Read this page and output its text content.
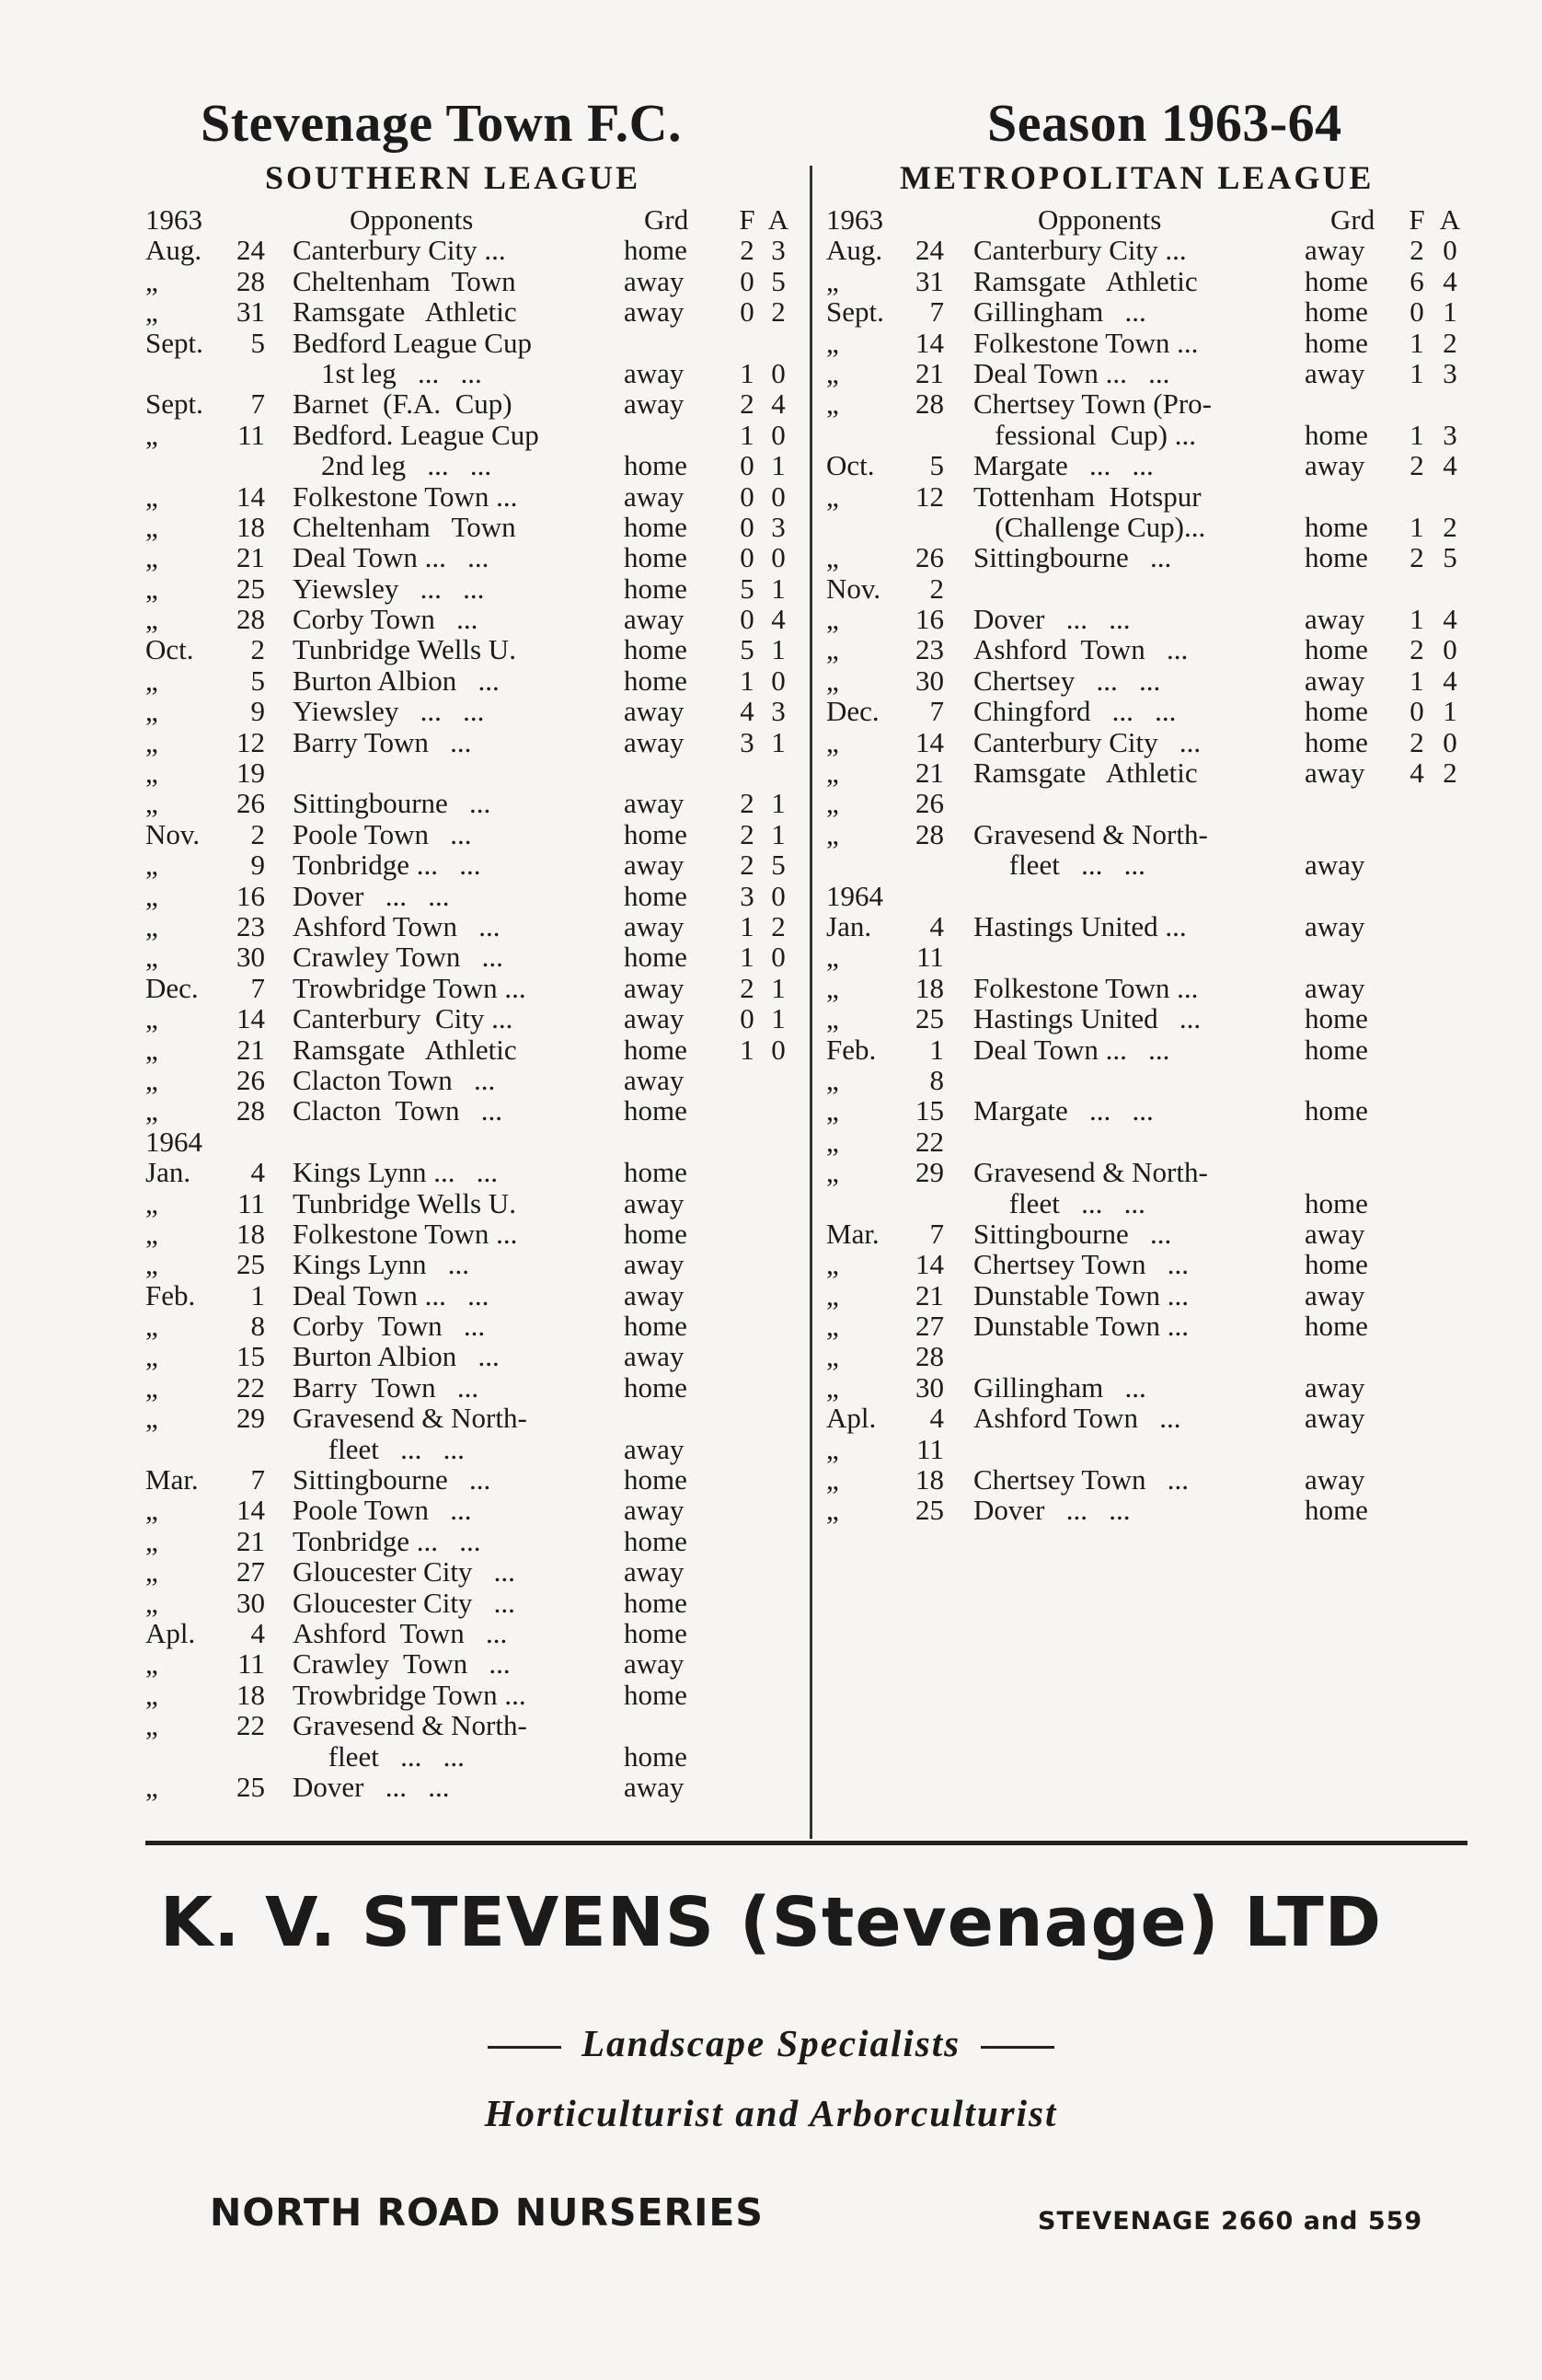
Stevenage Town F.C.	Season 1963-64
SOUTHERN LEAGUE	METROPOLITAN LEAGUE
1963	Opponents	Grd F A
Aug.	24 Canterbury City ...	home 2 3
„	28 Cheltenham   Town	away 0 5
„	31 Ramsgate   Athletic	away 0 2
Sept.	5 Bedford League Cup
1st leg   ...   ...	away 1 0
Sept.	7 Barnet  (F.A.  Cup)	away 2 4
„	11 Bedford. League Cup	1 0
2nd leg   ...   ...	home 0 1
„	14 Folkestone Town ...	away 0 0
„	18 Cheltenham   Town	home 0 3
„	21 Deal Town ...   ...	home 0 0
„	25 Yiewsley   ...   ...	home 5 1
„	28 Corby Town   ...	away 0 4
Oct.	2 Tunbridge Wells U.	home 5 1
„	5 Burton Albion   ...	home 1 0
„	9 Yiewsley   ...   ...	away 4 3
„	12 Barry Town   ...	away 3 1
„	19
„	26 Sittingbourne   ...	away 2 1
Nov.	2 Poole Town   ...	home 2 1
„	9 Tonbridge ...   ...	away 2 5
„	16 Dover   ...   ...	home 3 0
„	23 Ashford Town   ...	away 1 2
„	30 Crawley Town   ...	home 1 0
Dec.	7 Trowbridge Town ...	away 2 1
„	14 Canterbury  City ...	away 0 1
„	21 Ramsgate   Athletic	home 1 0
„	26 Clacton Town   ...	away
„	28 Clacton  Town   ...	home
1964
Jan.	4 Kings Lynn ...   ...	home
„	11 Tunbridge Wells U.	away
„	18 Folkestone Town ...	home
„	25 Kings Lynn   ...	away
Feb.	1 Deal Town ...   ...	away
„	8 Corby  Town   ...	home
„	15 Burton Albion   ...	away
„	22 Barry  Town   ...	home
„	29 Gravesend & North-
fleet   ...   ...	away
Mar.	7 Sittingbourne   ...	home
„	14 Poole Town   ...	away
„	21 Tonbridge ...   ...	home
„	27 Gloucester City   ...	away
„	30 Gloucester City   ...	home
Apl.	4 Ashford  Town   ...	home
„	11 Crawley  Town   ...	away
„	18 Trowbridge Town ...	home
„	22 Gravesend & North-
fleet   ...   ...	home
„	25 Dover   ...   ...	away
1963	Opponents	Grd F A
Aug.	24 Canterbury City ...	away 2 0
„	31 Ramsgate   Athletic	home 6 4
Sept.	7 Gillingham   ...	home 0 1
„	14 Folkestone Town ...	home 1 2
„	21 Deal Town ...   ...	away 1 3
„	28 Chertsey Town (Pro-
fessional  Cup) ...	home 1 3
Oct.	5 Margate   ...   ...	away 2 4
„	12 Tottenham  Hotspur
(Challenge Cup)...	home 1 2
„	26 Sittingbourne   ...	home 2 5
Nov.	2
„	16 Dover   ...   ...	away 1 4
„	23 Ashford  Town   ...	home 2 0
„	30 Chertsey   ...   ...	away 1 4
Dec.	7 Chingford   ...   ...	home 0 1
„	14 Canterbury City   ...	home 2 0
„	21 Ramsgate   Athletic	away 4 2
„	26
„	28 Gravesend & North-
fleet   ...   ...	away
1964
Jan.	4 Hastings United ...	away
„	11
„	18 Folkestone Town ...	away
„	25 Hastings United   ...	home
Feb.	1 Deal Town ...   ...	home
„	8
„	15 Margate   ...   ...	home
„	22
„	29 Gravesend & North-
fleet   ...   ...	home
Mar.	7 Sittingbourne   ...	away
„	14 Chertsey Town   ...	home
„	21 Dunstable Town ...	away
„	27 Dunstable Town ...	home
„	28
„	30 Gillingham   ...	away
Apl.	4 Ashford Town   ...	away
„	11
„	18 Chertsey Town   ...	away
„	25 Dover   ...   ...	home
K. V. STEVENS (Stevenage) LTD
Landscape Specialists
Horticulturist and Arborculturist
NORTH ROAD NURSERIES	STEVENAGE 2660 and 559
